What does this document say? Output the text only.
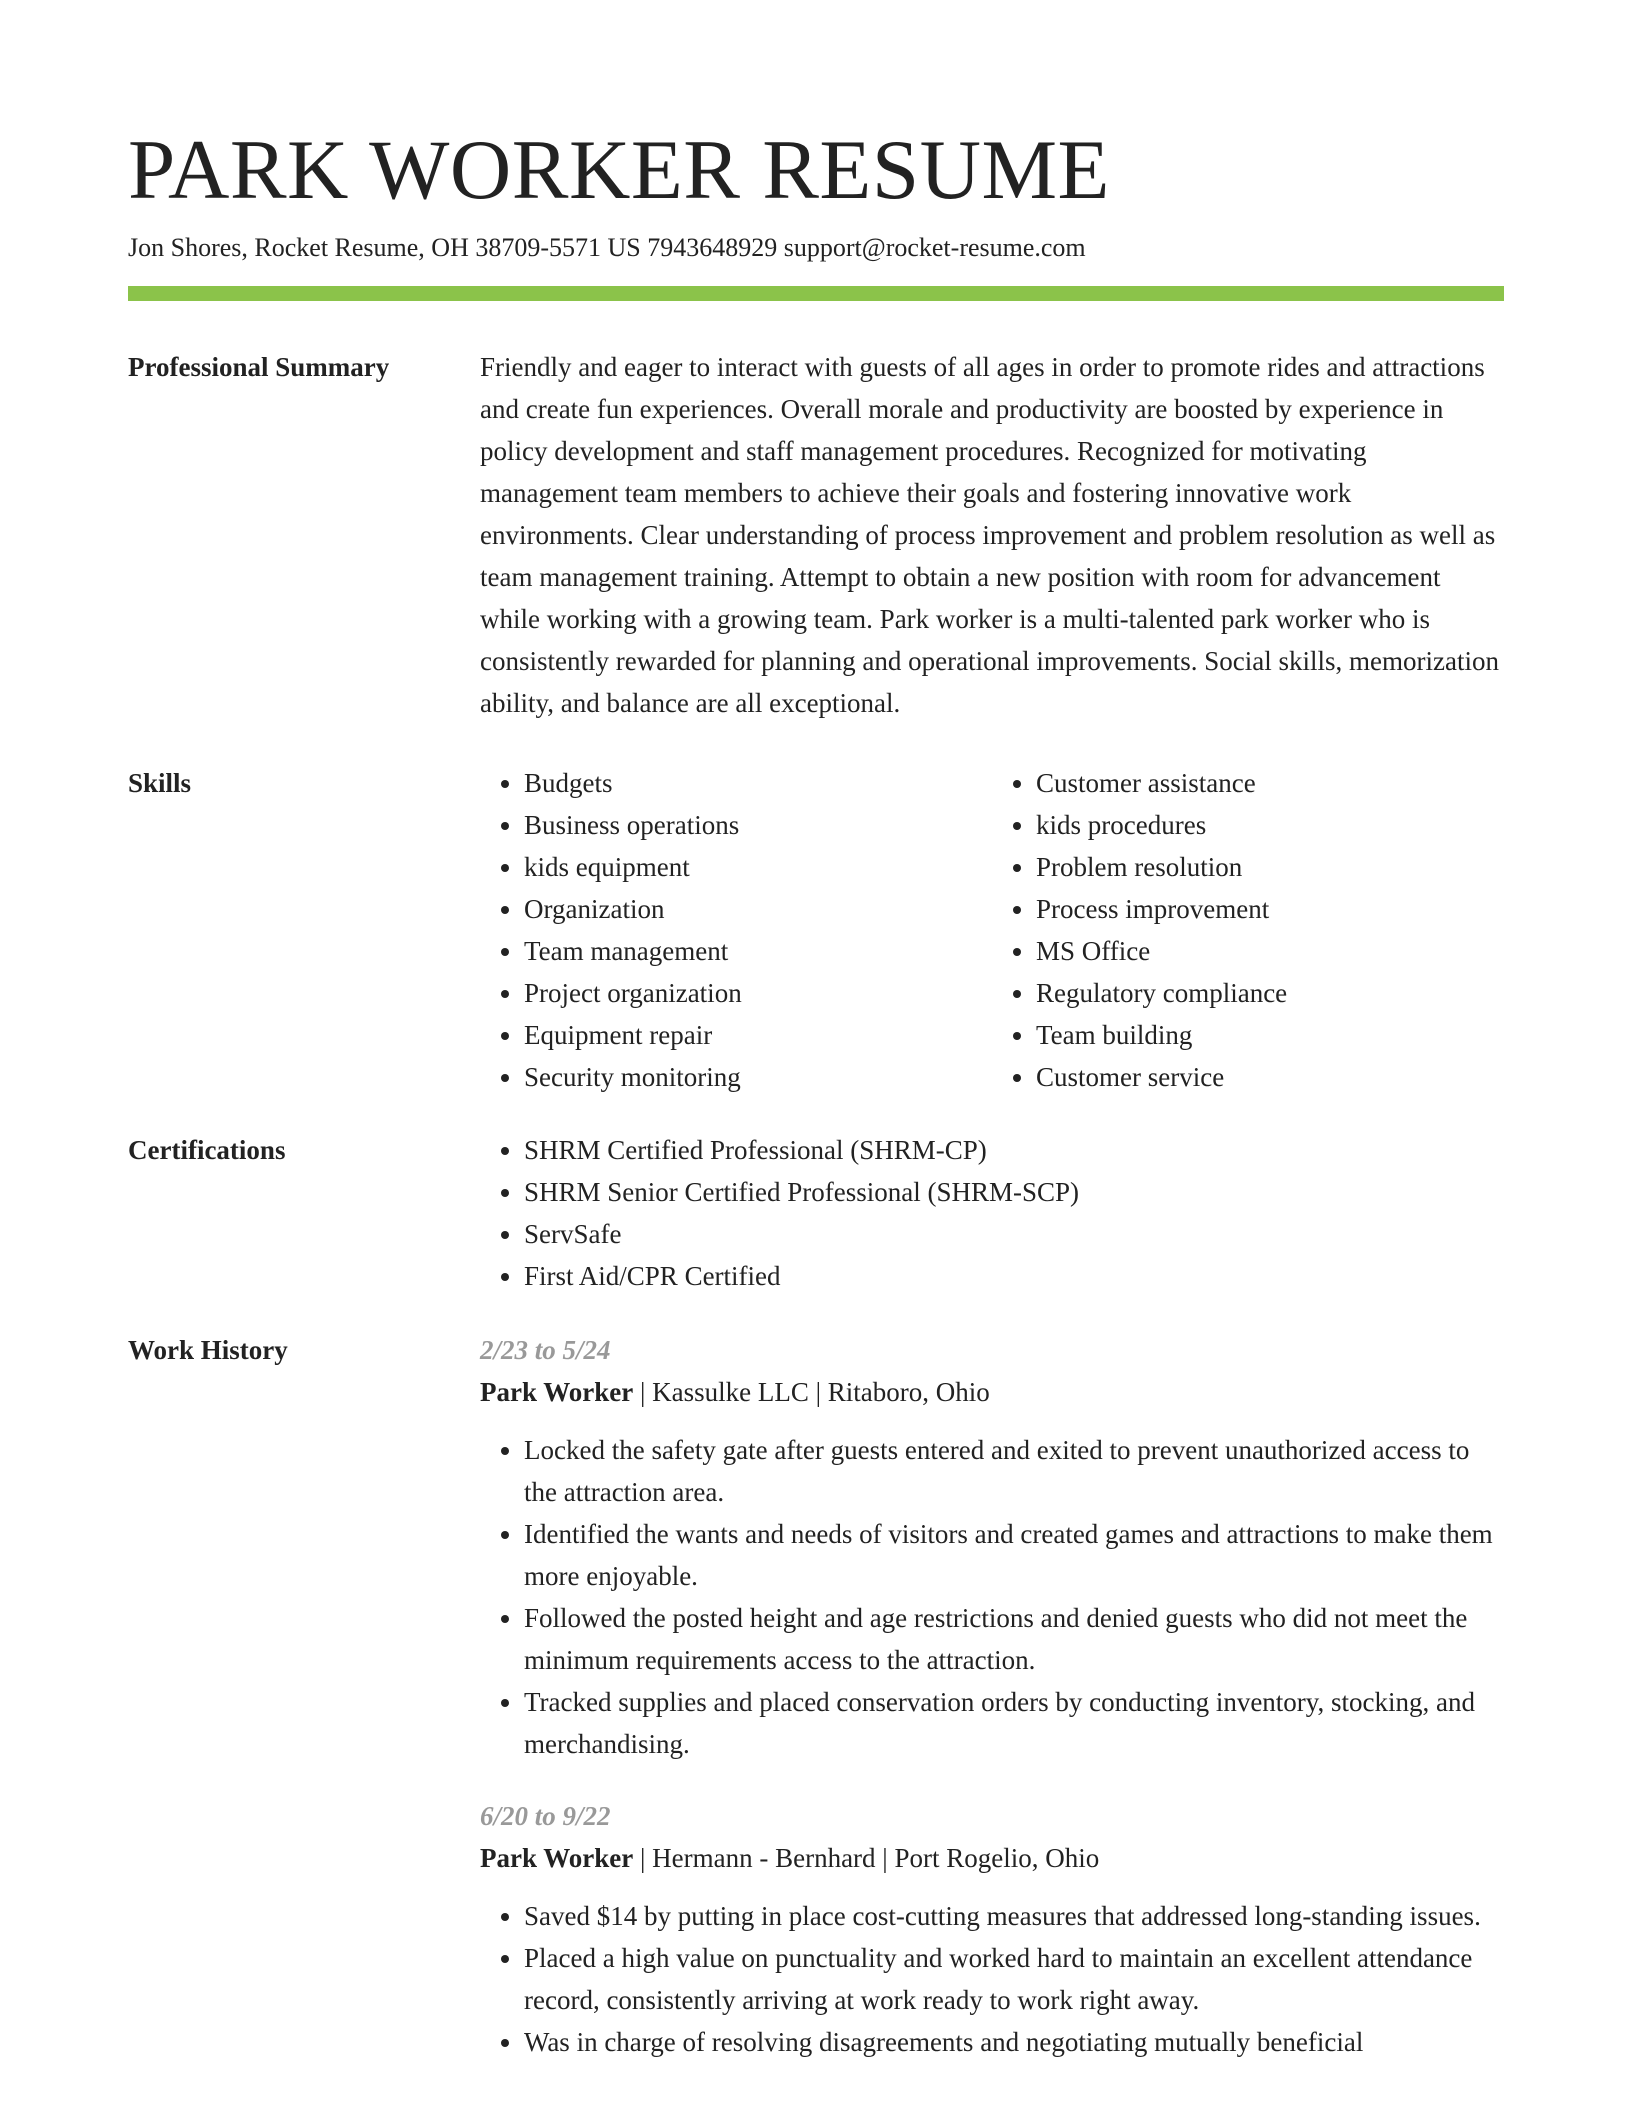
PARK WORKER RESUME
Jon Shores, Rocket Resume, OH 38709-5571 US 7943648929 support@rocket-resume.com
Professional Summary	Friendly and eager to interact with guests of all ages in order to promote rides and attractions and create fun experiences. Overall morale and productivity are boosted by experience in policy development and staff management procedures. Recognized for motivating management team members to achieve their goals and fostering innovative work environments. Clear understanding of process improvement and problem resolution as well as team management training. Attempt to obtain a new position with room for advancement while working with a growing team. Park worker is a multi-talented park worker who is consistently rewarded for planning and operational improvements. Social skills, memorization ability, and balance are all exceptional.

Skills	• Budgets
• Business operations
• kids equipment
• Organization
• Team management
• Project organization
• Equipment repair
• Security monitoring
• Customer assistance
• kids procedures
• Problem resolution
• Process improvement
• MS Office
• Regulatory compliance
• Team building
• Customer service
Certifications	• SHRM Certified Professional (SHRM-CP)
• SHRM Senior Certified Professional (SHRM-SCP)
• ServSafe
• First Aid/CPR Certified
Work History	2/23 to 5/24
Park Worker | Kassulke LLC | Ritaboro, Ohio
• Locked the safety gate after guests entered and exited to prevent unauthorized access to the attraction area.
• Identified the wants and needs of visitors and created games and attractions to make them more enjoyable.
• Followed the posted height and age restrictions and denied guests who did not meet the minimum requirements access to the attraction.
• Tracked supplies and placed conservation orders by conducting inventory, stocking, and merchandising.
6/20 to 9/22
Park Worker | Hermann - Bernhard | Port Rogelio, Ohio
• Saved $14 by putting in place cost-cutting measures that addressed long-standing issues.
• Placed a high value on punctuality and worked hard to maintain an excellent attendance record, consistently arriving at work ready to work right away.
• Was in charge of resolving disagreements and negotiating mutually beneficial
